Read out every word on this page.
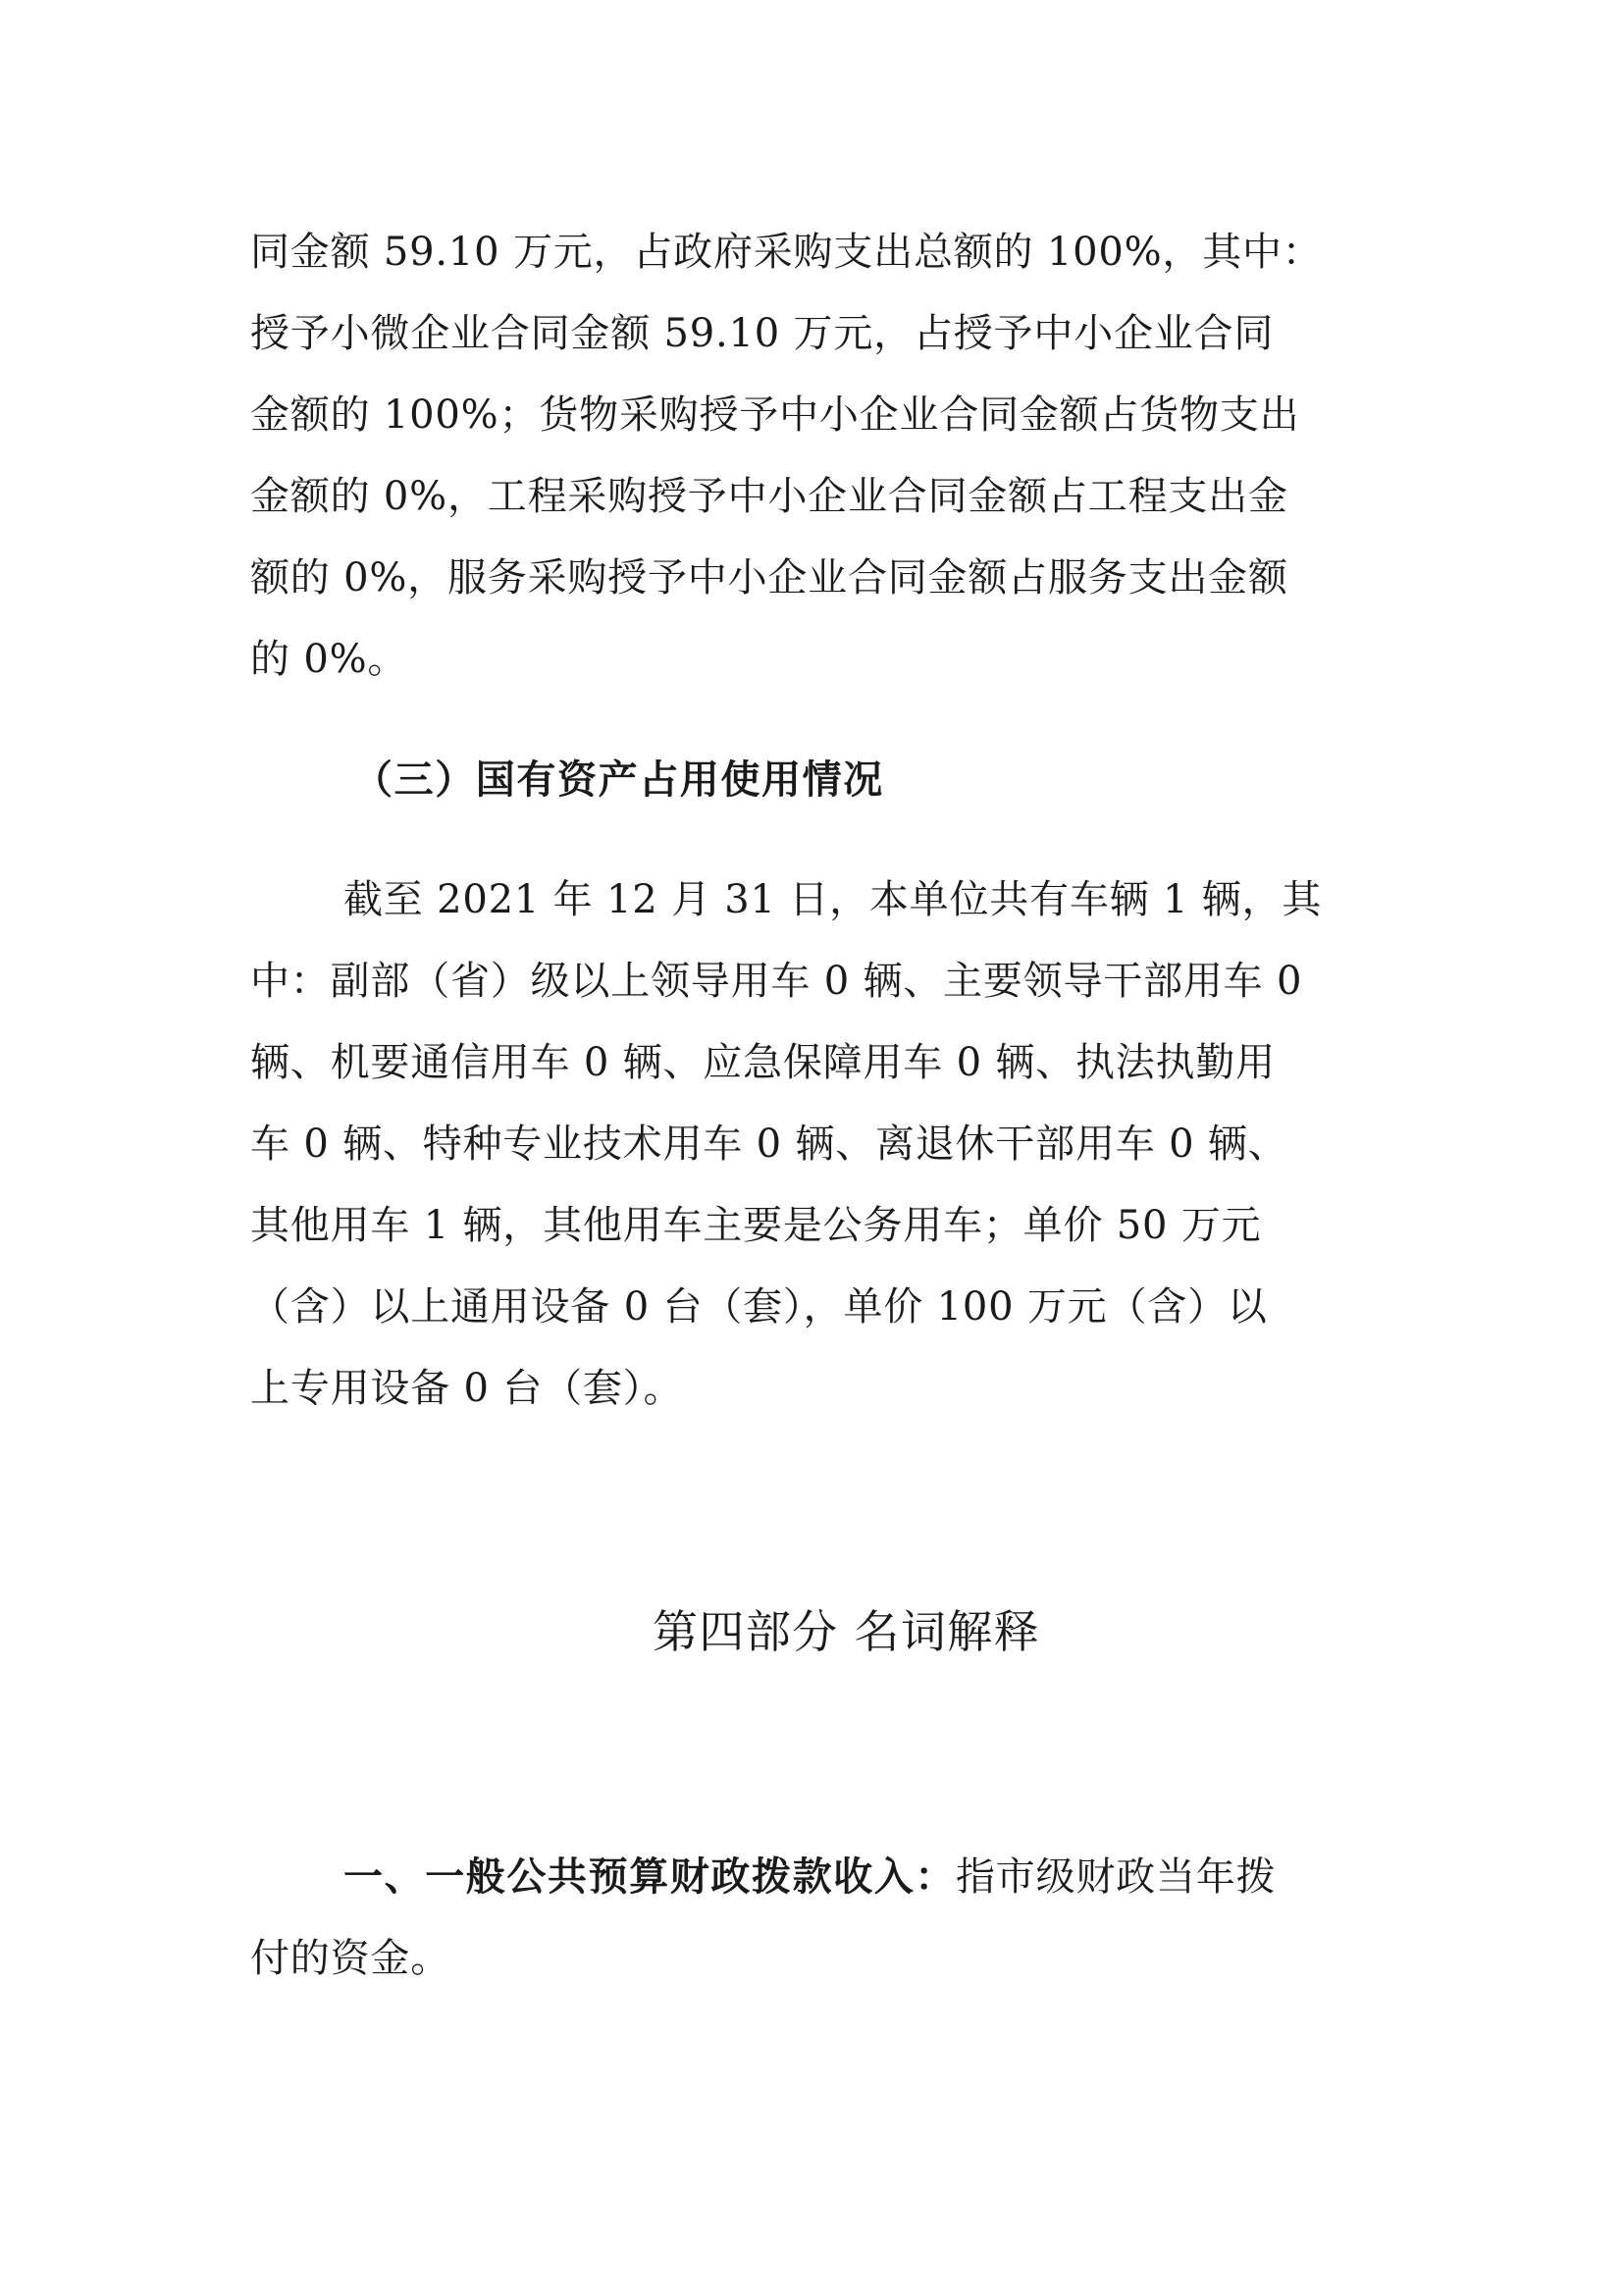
同金额 59.10 万元，占政府采购支出总额的 100%，其中：
授予小微企业合同金额 59.10 万元，占授予中小企业合同
金额的 100%；货物采购授予中小企业合同金额占货物支出
金额的 0%，工程采购授予中小企业合同金额占工程支出金
额的 0%，服务采购授予中小企业合同金额占服务支出金额
的 0%。
（三）国有资产占用使用情况
截至 2021 年 12 月 31 日，本单位共有车辆 1 辆，其
中：副部（省）级以上领导用车 0 辆、主要领导干部用车 0
辆、机要通信用车 0 辆、应急保障用车 0 辆、执法执勤用
车 0 辆、特种专业技术用车 0 辆、离退休干部用车 0 辆、
其他用车 1 辆，其他用车主要是公务用车；单价 50 万元
（含）以上通用设备 0 台（套），单价 100 万元（含）以
上专用设备 0 台（套）。
第四部分 名词解释
一、一般公共预算财政拨款收入：指市级财政当年拨
付的资金。
